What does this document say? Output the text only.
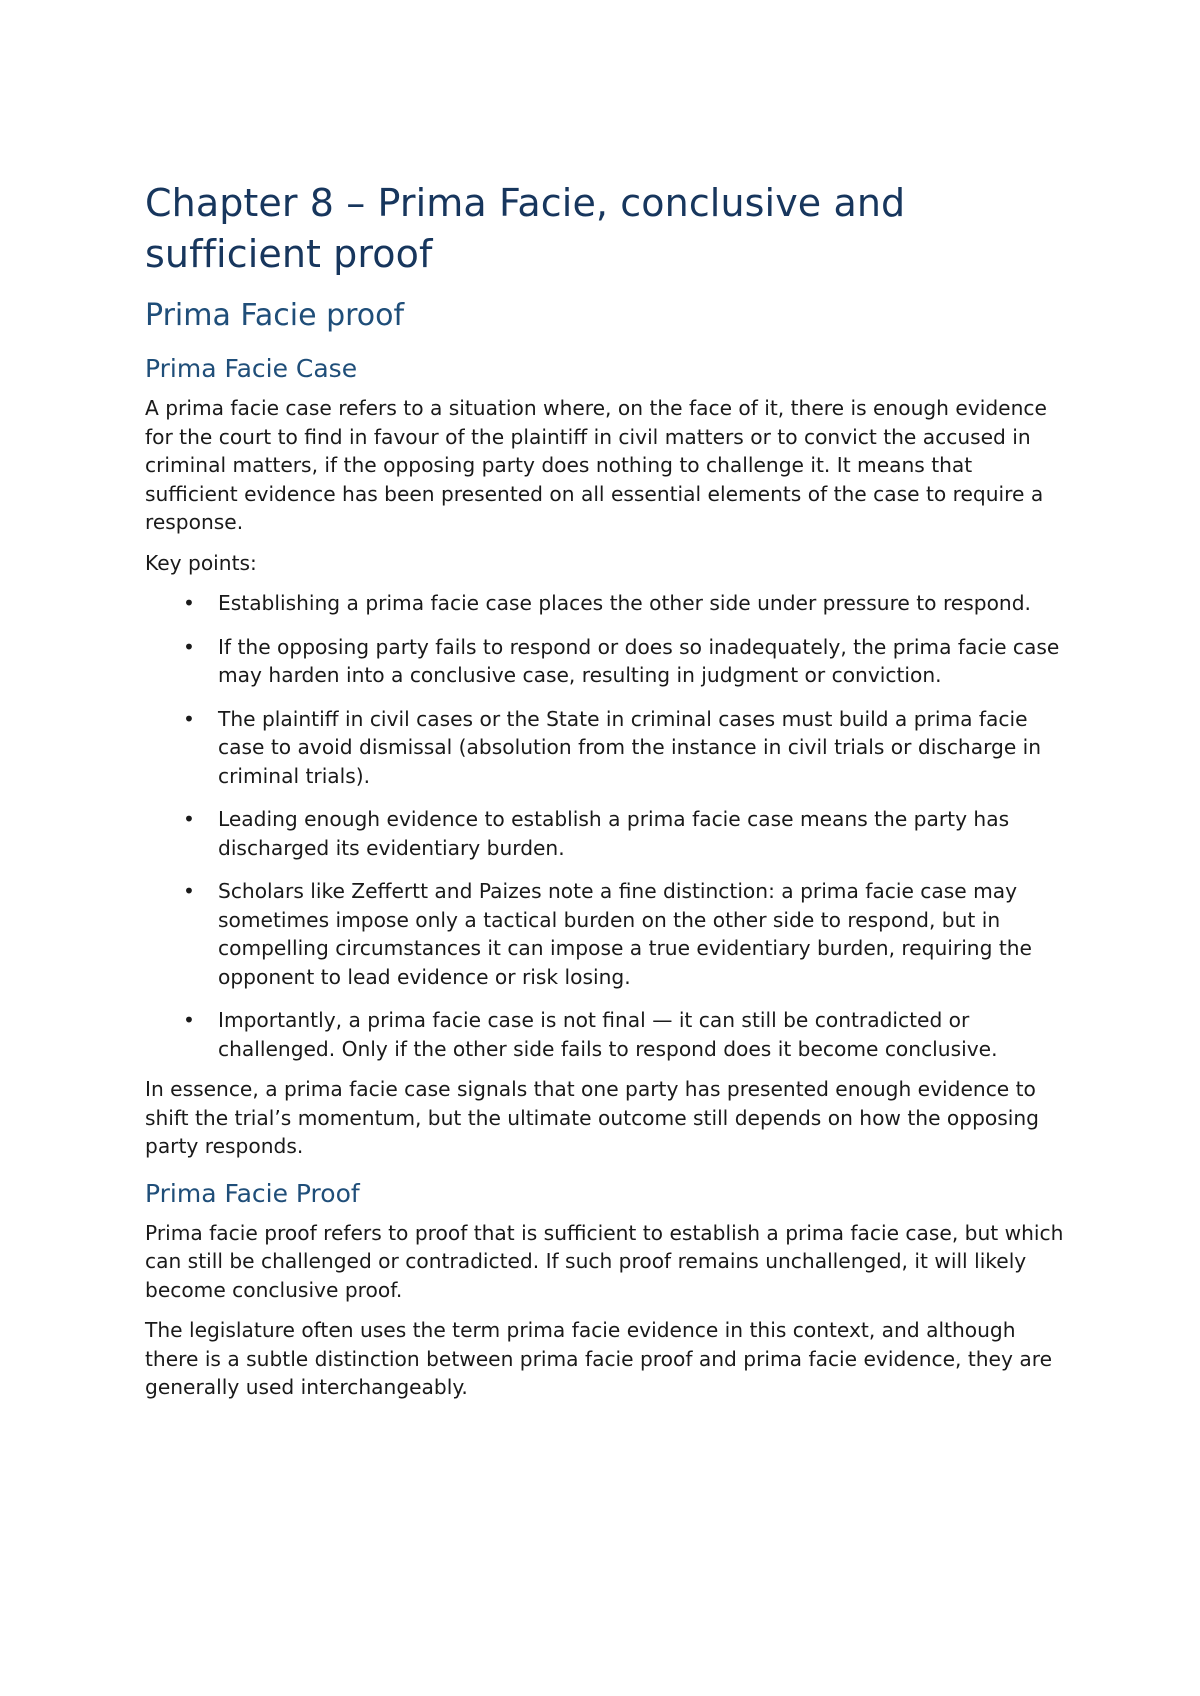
Chapter 8 – Prima Facie, conclusive and sufficient proof
Prima Facie proof
Prima Facie Case

A prima facie case refers to a situation where, on the face of it, there is enough evidence for the court to find in favour of the plaintiff in civil matters or to convict the accused in criminal matters, if the opposing party does nothing to challenge it. It means that sufficient evidence has been presented on all essential elements of the case to require a response.

Key points:

• Establishing a prima facie case places the other side under pressure to respond.
• If the opposing party fails to respond or does so inadequately, the prima facie case may harden into a conclusive case, resulting in judgment or conviction.
• The plaintiff in civil cases or the State in criminal cases must build a prima facie case to avoid dismissal (absolution from the instance in civil trials or discharge in criminal trials).
• Leading enough evidence to establish a prima facie case means the party has discharged its evidentiary burden.
• Scholars like Zeffertt and Paizes note a fine distinction: a prima facie case may sometimes impose only a tactical burden on the other side to respond, but in compelling circumstances it can impose a true evidentiary burden, requiring the opponent to lead evidence or risk losing.
• Importantly, a prima facie case is not final — it can still be contradicted or challenged. Only if the other side fails to respond does it become conclusive.

In essence, a prima facie case signals that one party has presented enough evidence to shift the trial’s momentum, but the ultimate outcome still depends on how the opposing party responds.

Prima Facie Proof

Prima facie proof refers to proof that is sufficient to establish a prima facie case, but which can still be challenged or contradicted. If such proof remains unchallenged, it will likely become conclusive proof.

The legislature often uses the term prima facie evidence in this context, and although there is a subtle distinction between prima facie proof and prima facie evidence, they are generally used interchangeably.
